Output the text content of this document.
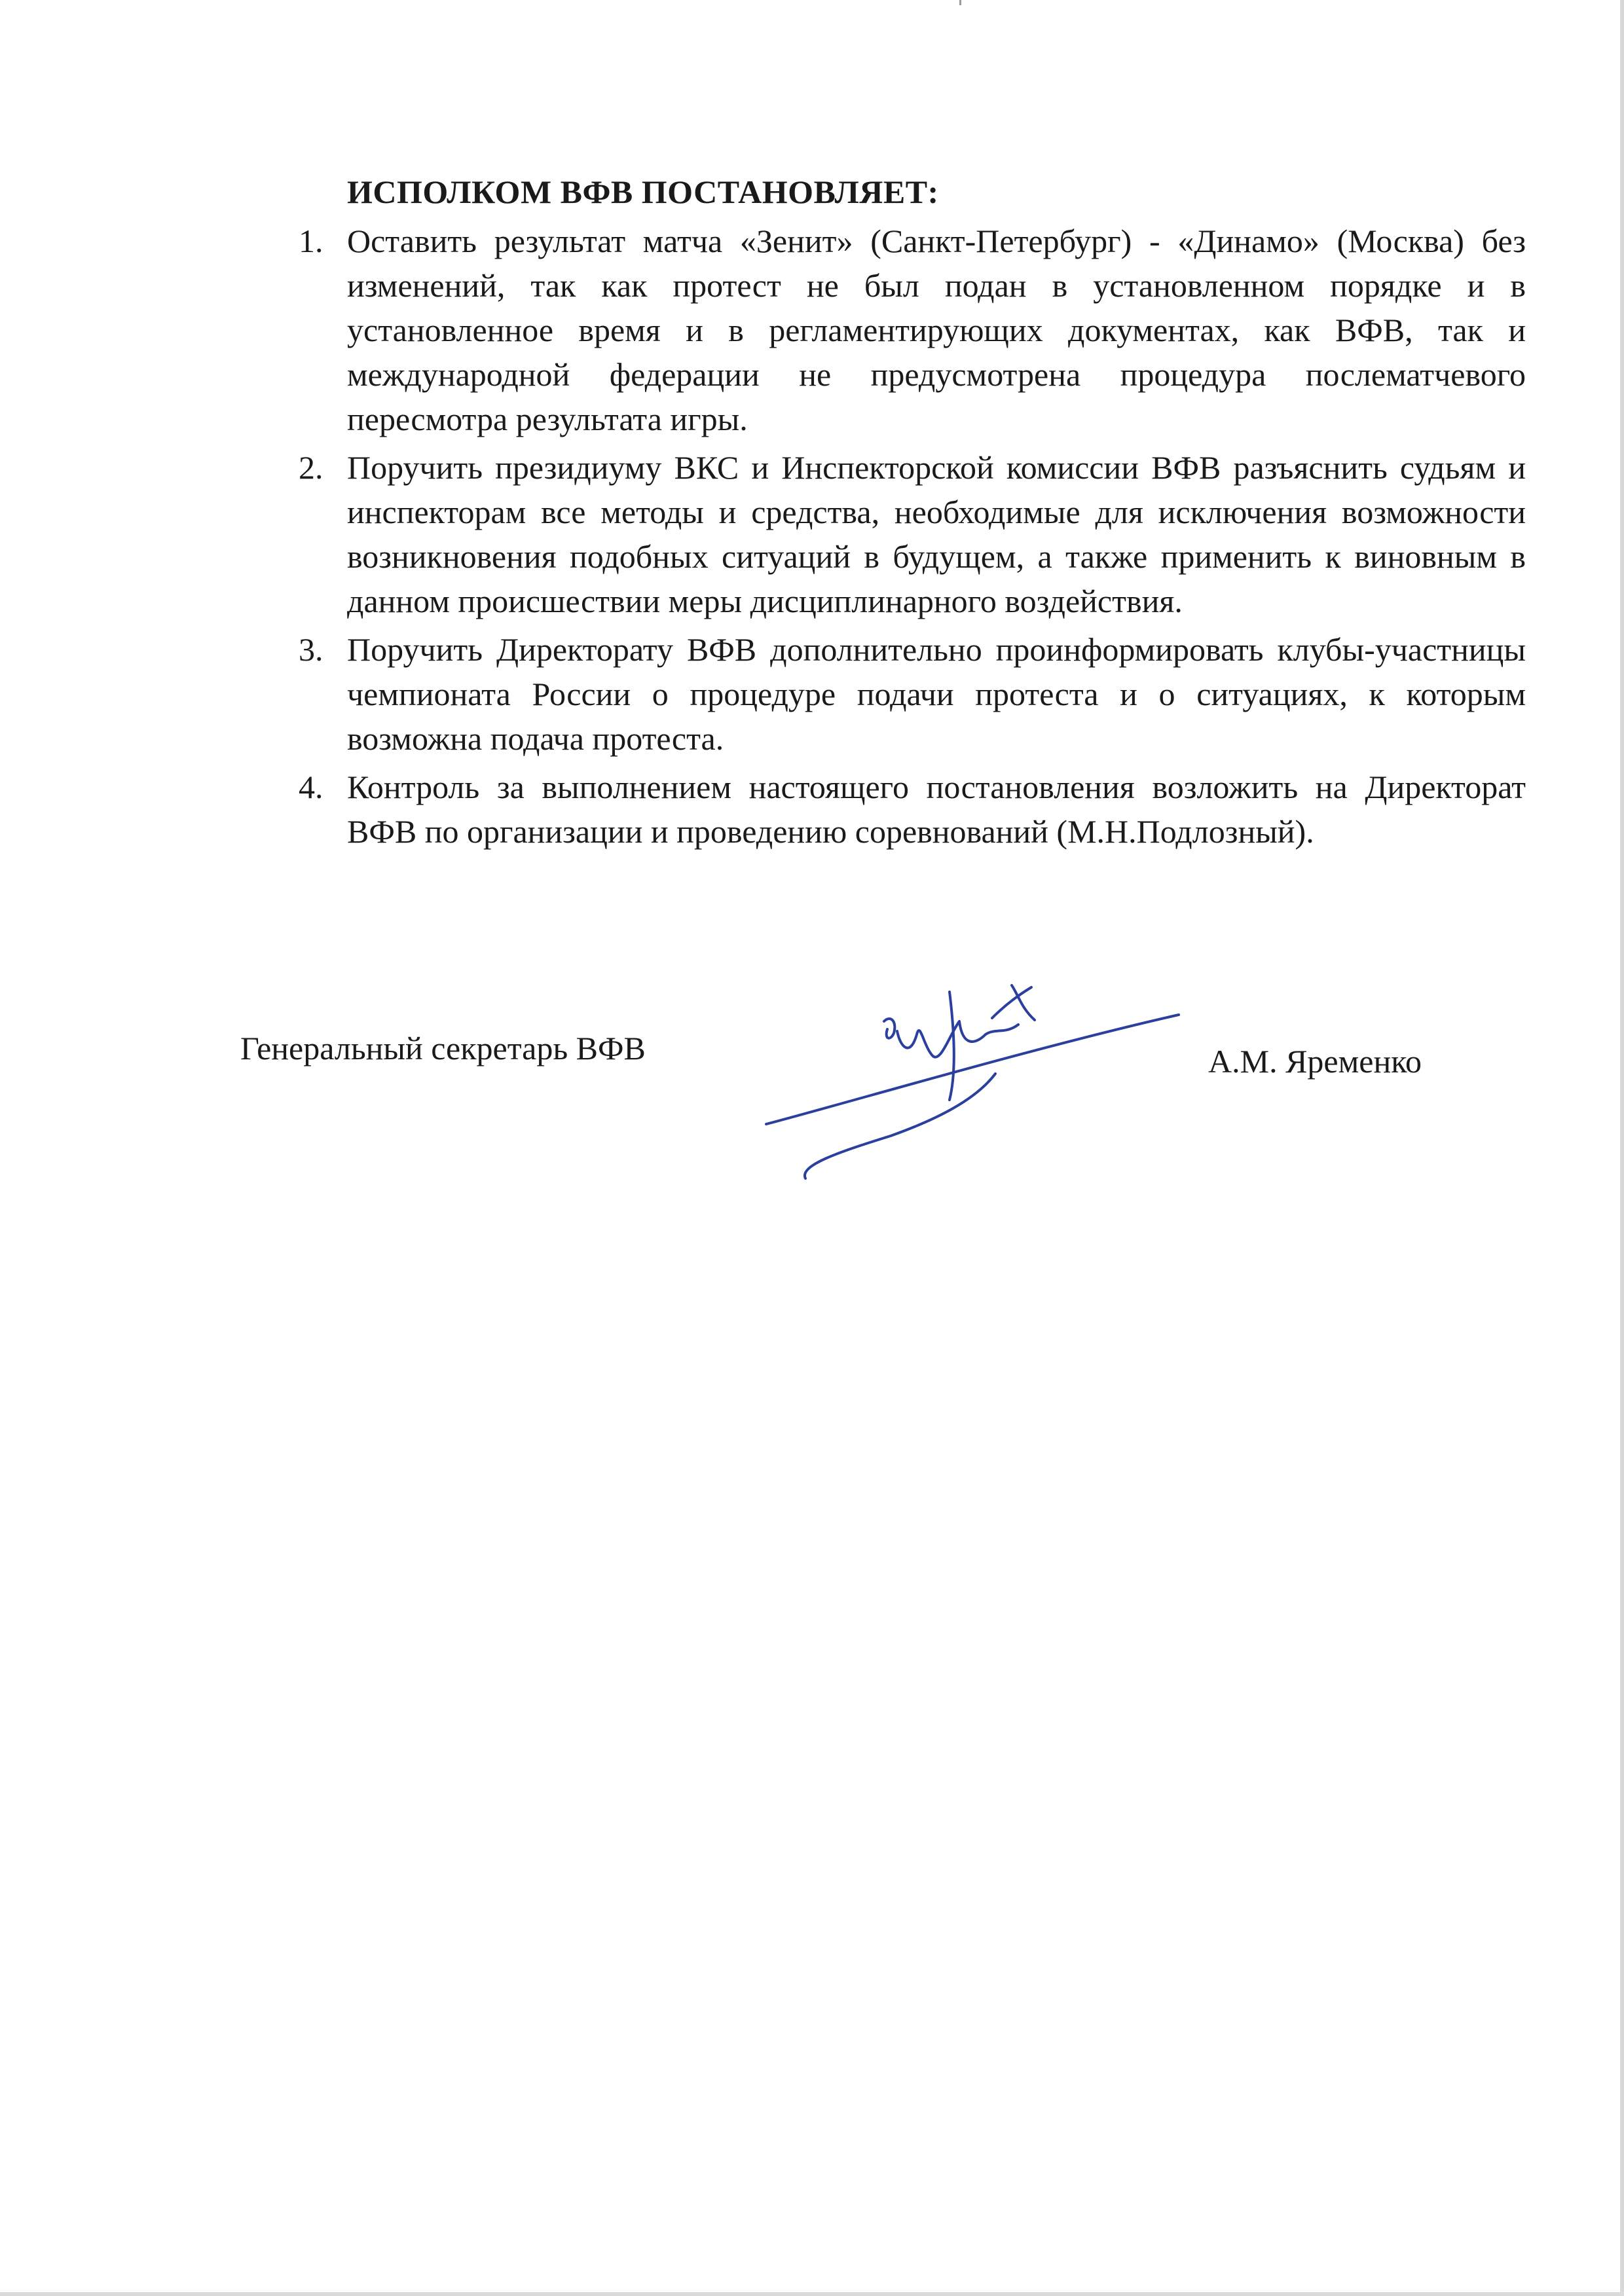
ИСПОЛКОМ ВФВ ПОСТАНОВЛЯЕТ:
1. Оставить результат матча «Зенит» (Санкт-Петербург) - «Динамо» (Москва) без изменений, так как протест не был подан в установленном порядке и в установленное время и в регламентирующих документах, как ВФВ, так и международной федерации не предусмотрена процедура послематчевого пересмотра результата игры.
2. Поручить президиуму ВКС и Инспекторской комиссии ВФВ разъяснить судьям и инспекторам все методы и средства, необходимые для исключения возможности возникновения подобных ситуаций в будущем, а также применить к виновным в данном происшествии меры дисциплинарного воздействия.
3. Поручить Директорату ВФВ дополнительно проинформировать клубы-участницы чемпионата России о процедуре подачи протеста и о ситуациях, к которым возможна подача протеста.
4. Контроль за выполнением настоящего постановления возложить на Директорат ВФВ по организации и проведению соревнований (М.Н.Подлозный).
Генеральный секретарь ВФВ	А.М. Яременко
